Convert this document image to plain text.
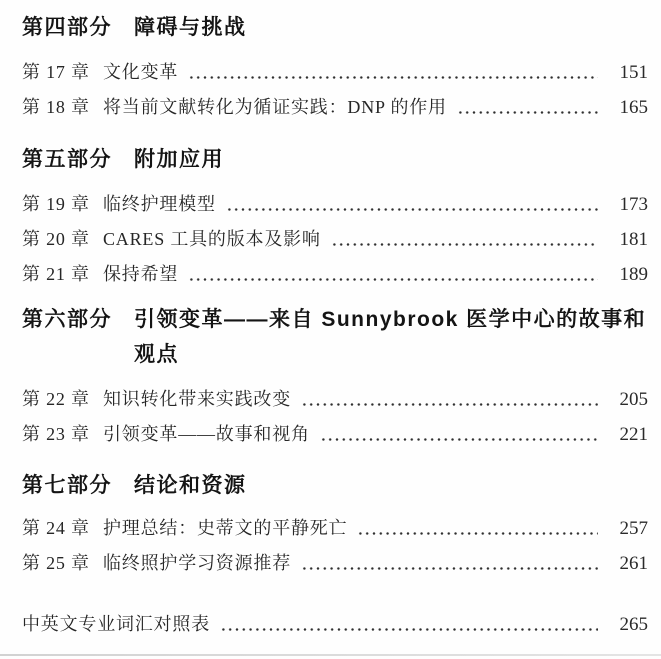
第四部分	障碍与挑战
第 17 章 文化变革	151
第 18 章 将当前文献转化为循证实践：DNP 的作用	165
第五部分	附加应用
第 19 章 临终护理模型	173
第 20 章 CARES 工具的版本及影响	181
第 21 章 保持希望	189
第六部分	引领变革——来自 Sunnybrook 医学中心的故事和
观点
第 22 章 知识转化带来实践改变	205
第 23 章 引领变革——故事和视角	221
第七部分	结论和资源
第 24 章 护理总结：史蒂文的平静死亡	257
第 25 章 临终照护学习资源推荐	261
中英文专业词汇对照表	265
